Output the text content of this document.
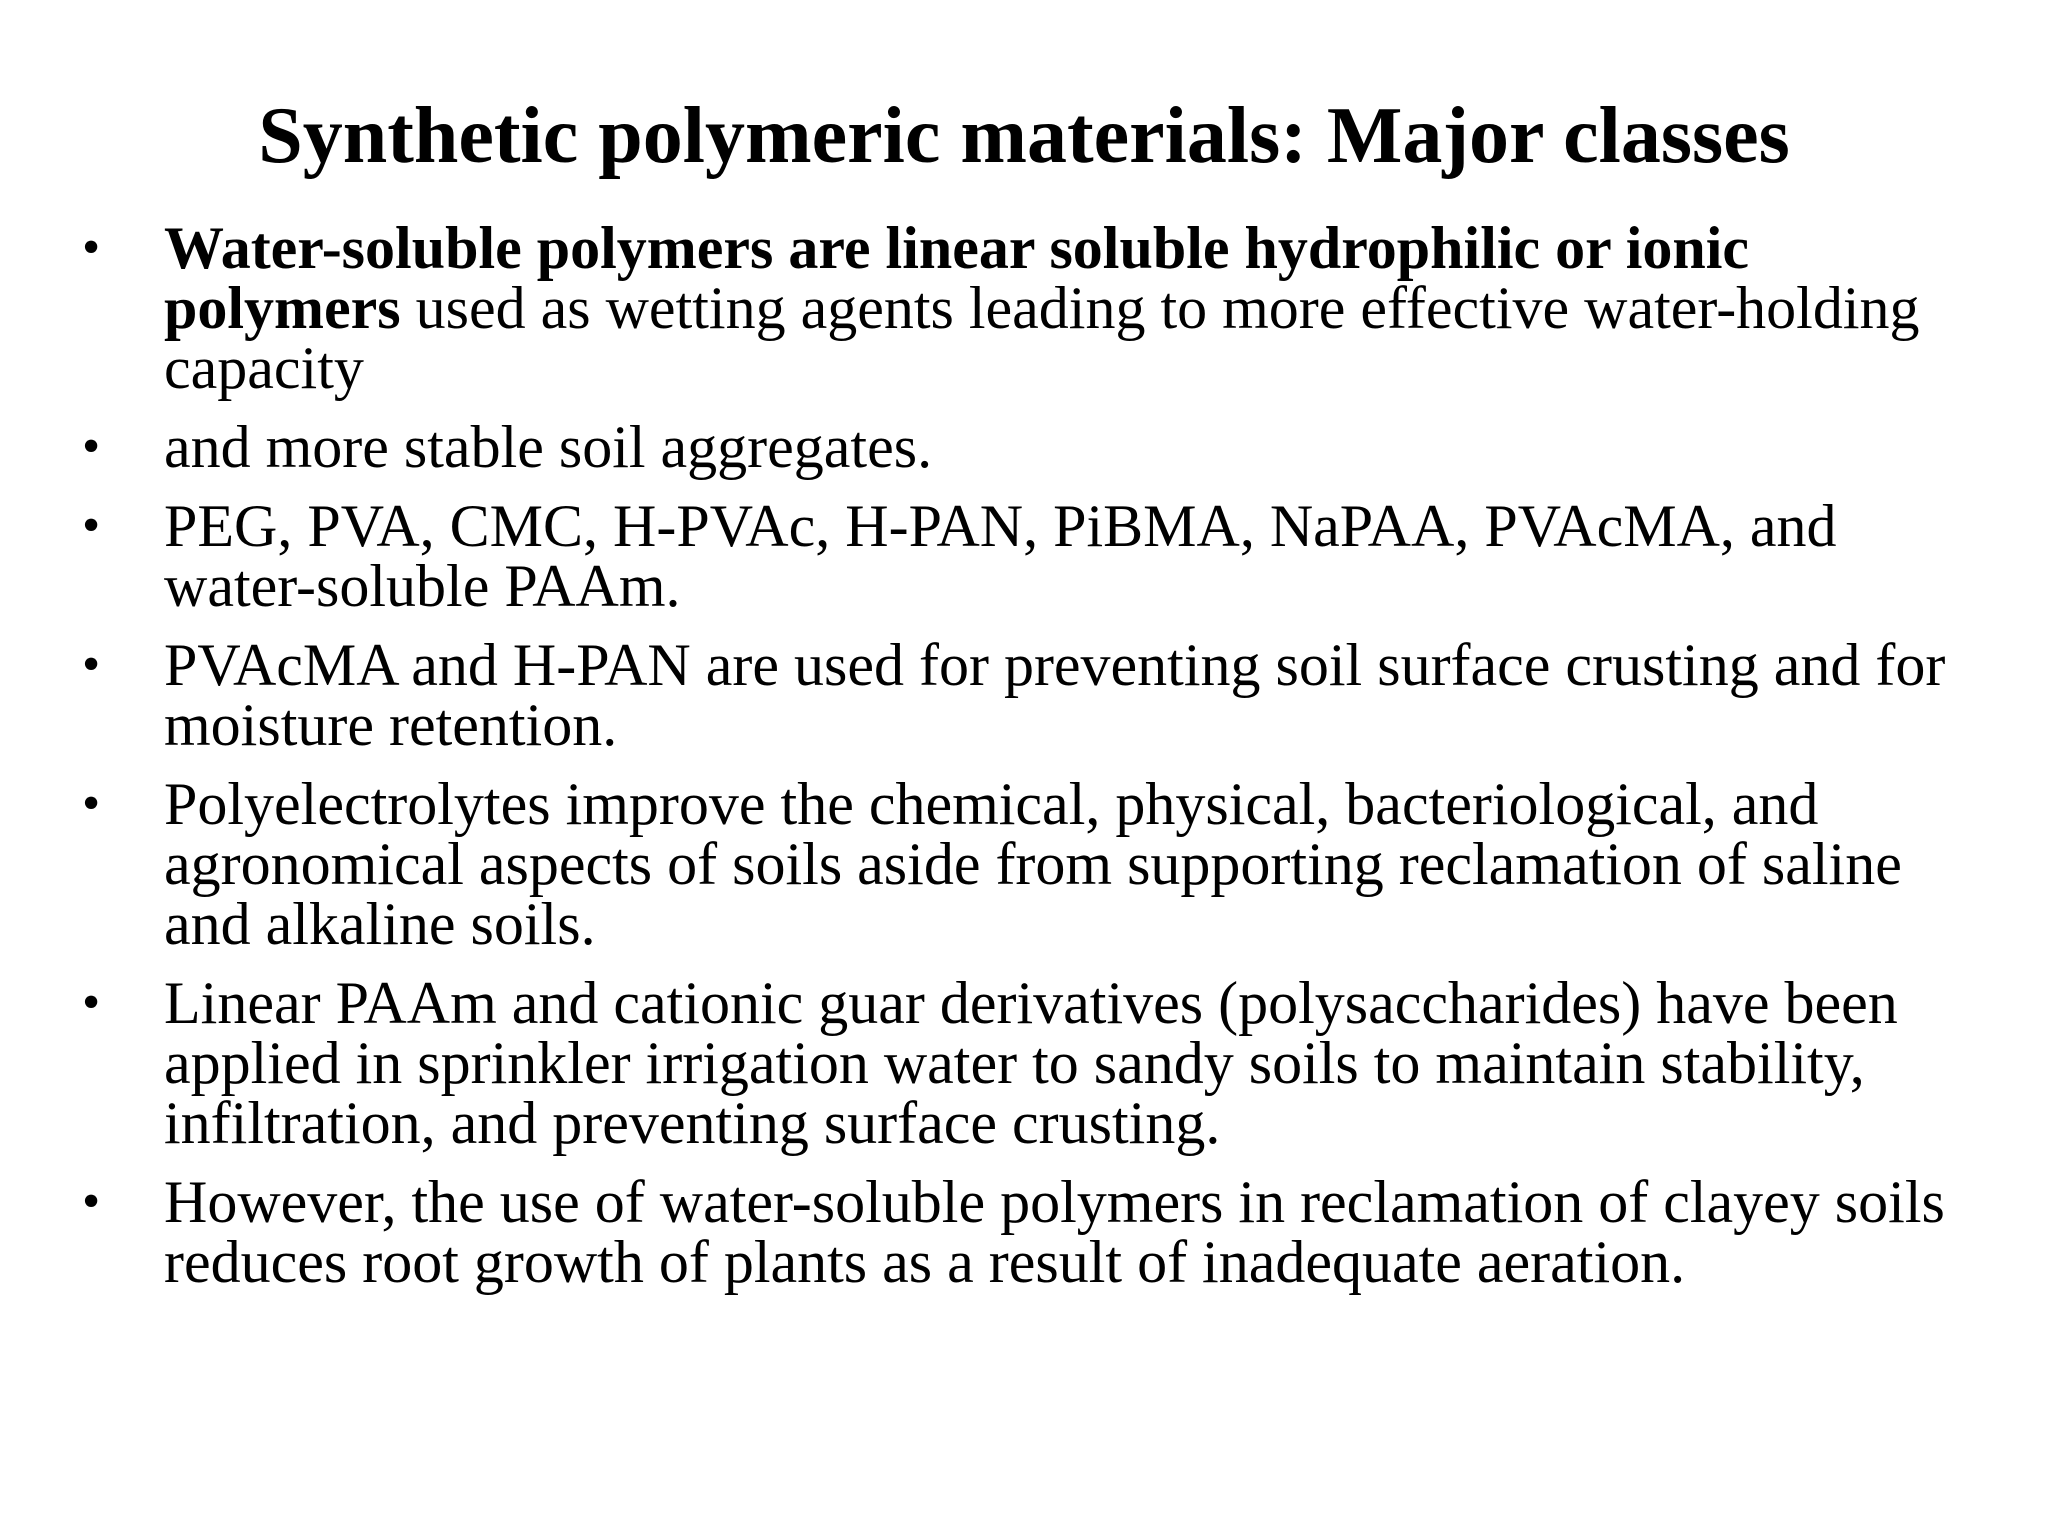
Synthetic polymeric materials: Major classes
•	Water-soluble polymers are linear soluble hydrophilic or ionic polymers used as wetting agents leading to more effective water-holding capacity
•	and more stable soil aggregates.
•	PEG, PVA, CMC, H-PVAc, H-PAN, PiBMA, NaPAA, PVAcMA, and water-soluble PAAm.
•	PVAcMA and H-PAN are used for preventing soil surface crusting and for moisture retention.
•	Polyelectrolytes improve the chemical, physical, bacteriological, and agronomical aspects of soils aside from supporting reclamation of saline and alkaline soils.
•	Linear PAAm and cationic guar derivatives (polysaccharides) have been applied in sprinkler irrigation water to sandy soils to maintain stability, infiltration, and preventing surface crusting.
•	However, the use of water-soluble polymers in reclamation of clayey soils reduces root growth of plants as a result of inadequate aeration.
